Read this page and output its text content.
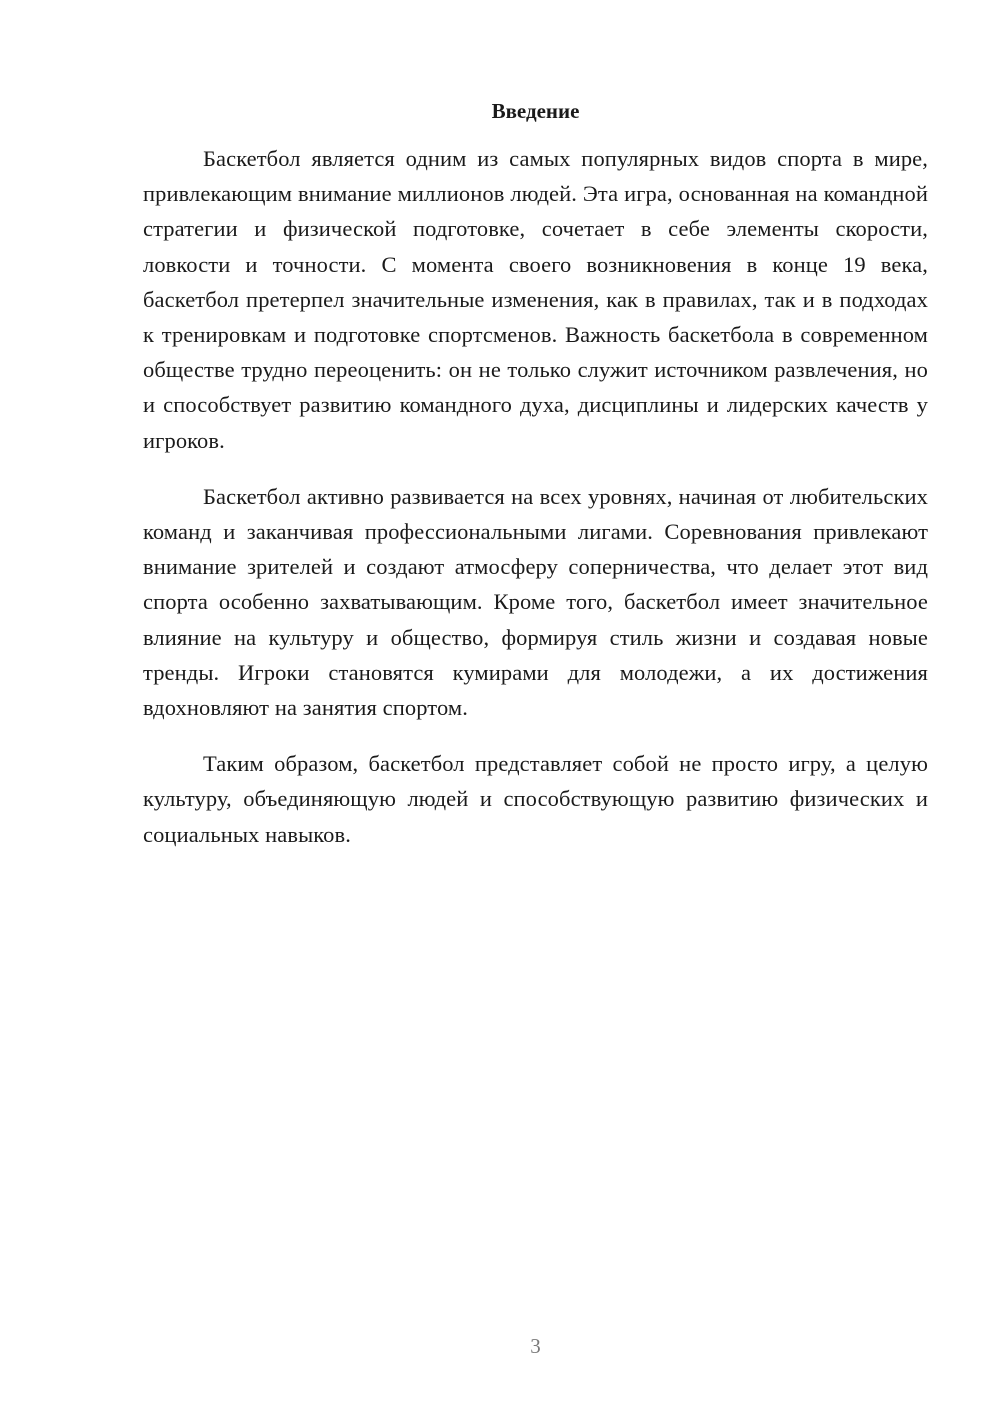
Введение

Баскетбол является одним из самых популярных видов спорта в мире, привлекающим внимание миллионов людей. Эта игра, основанная на командной стратегии и физической подготовке, сочетает в себе элементы скорости, ловкости и точности. С момента своего возникновения в конце 19 века, баскетбол претерпел значительные изменения, как в правилах, так и в подходах к тренировкам и подготовке спортсменов. Важность баскетбола в современном обществе трудно переоценить: он не только служит источником развлечения, но и способствует развитию командного духа, дисциплины и лидерских качеств у игроков.

Баскетбол активно развивается на всех уровнях, начиная от любительских команд и заканчивая профессиональными лигами. Соревнования привлекают внимание зрителей и создают атмосферу соперничества, что делает этот вид спорта особенно захватывающим. Кроме того, баскетбол имеет значительное влияние на культуру и общество, формируя стиль жизни и создавая новые тренды. Игроки становятся кумирами для молодежи, а их достижения вдохновляют на занятия спортом.

Таким образом, баскетбол представляет собой не просто игру, а целую культуру, объединяющую людей и способствующую развитию физических и социальных навыков.

3
